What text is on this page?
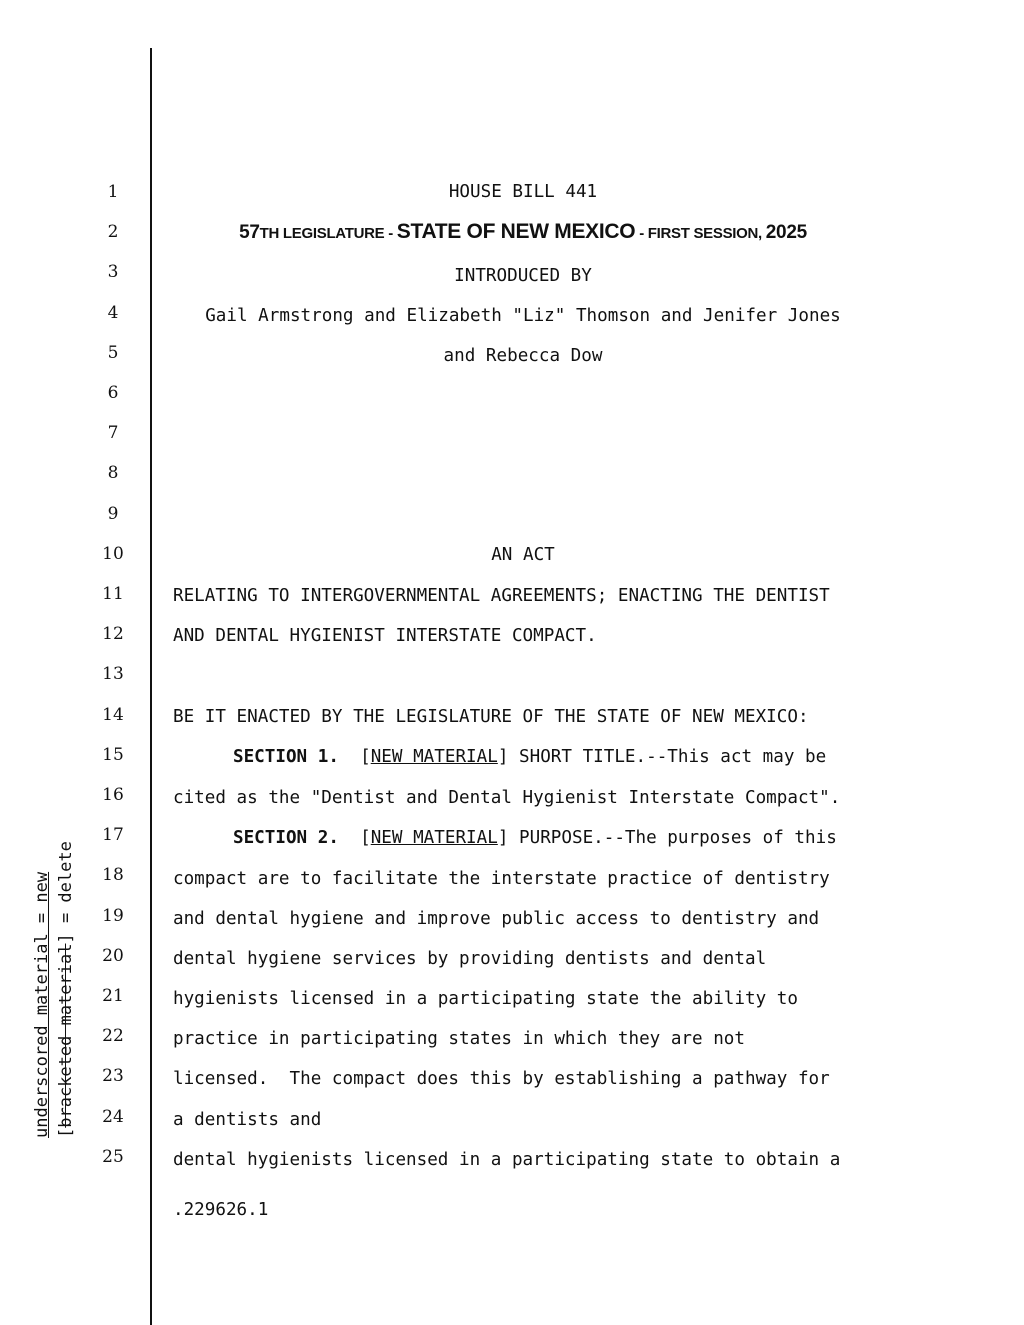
underscored material = new [bracketed material] = delete
1
2
3
4
5
6
7
8
9
10
11
12
13
14
15
16
17
18
19
20
21
22
23
24
25
HOUSE BILL 441
57TH LEGISLATURE - STATE OF NEW MEXICO - FIRST SESSION, 2025
INTRODUCED BY
Gail Armstrong and Elizabeth "Liz" Thomson and Jenifer Jones
and Rebecca Dow
AN ACT
RELATING TO INTERGOVERNMENTAL AGREEMENTS; ENACTING THE DENTIST
AND DENTAL HYGIENIST INTERSTATE COMPACT.
BE IT ENACTED BY THE LEGISLATURE OF THE STATE OF NEW MEXICO:
SECTION 1.  [NEW MATERIAL] SHORT TITLE.--This act may be
cited as the "Dentist and Dental Hygienist Interstate Compact".
SECTION 2.  [NEW MATERIAL] PURPOSE.--The purposes of this
compact are to facilitate the interstate practice of dentistry
and dental hygiene and improve public access to dentistry and
dental hygiene services by providing dentists and dental
hygienists licensed in a participating state the ability to
practice in participating states in which they are not
licensed.  The compact does this by establishing a pathway for
a dentists and
dental hygienists licensed in a participating state to obtain a
.229626.1
